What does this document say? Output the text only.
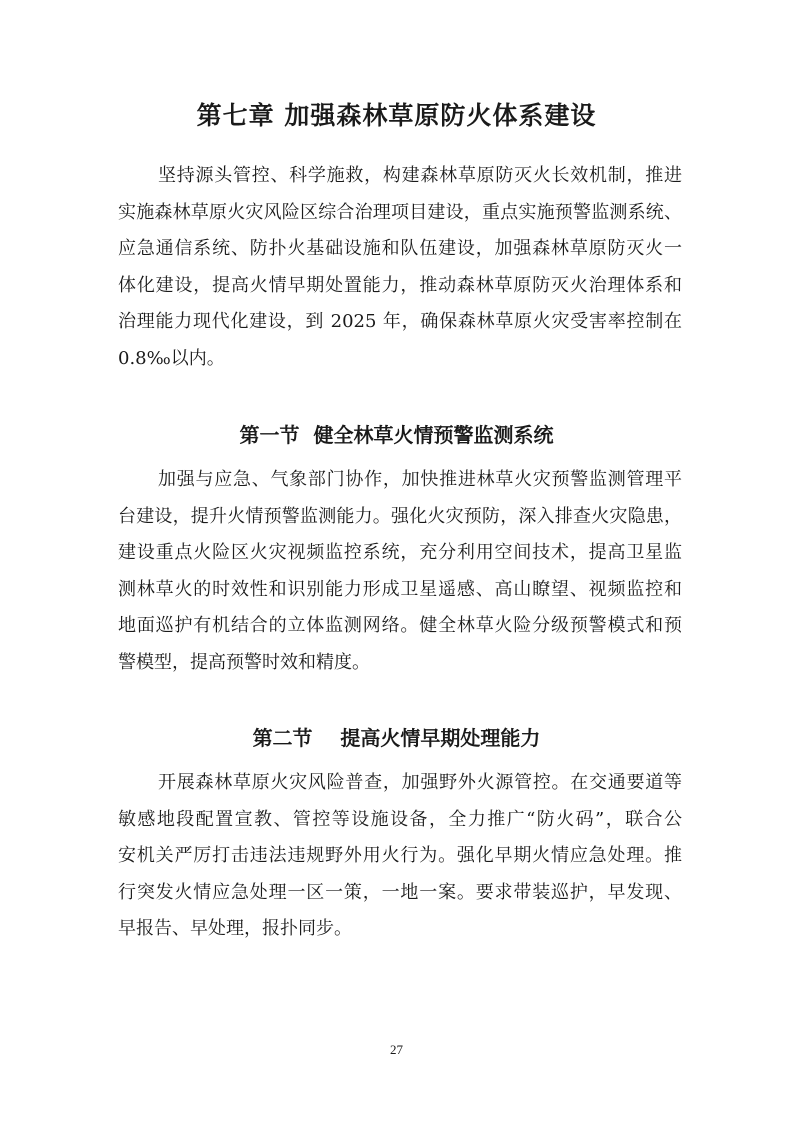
第七章 加强森林草原防火体系建设
坚持源头管控、科学施救，构建森林草原防灭火长效机制，推进
实施森林草原火灾风险区综合治理项目建设，重点实施预警监测系统、
应急通信系统、防扑火基础设施和队伍建设，加强森林草原防灭火一
体化建设，提高火情早期处置能力，推动森林草原防灭火治理体系和
治理能力现代化建设，到 2025 年，确保森林草原火灾受害率控制在
0.8‰以内。
第一节  健全林草火情预警监测系统
加强与应急、气象部门协作，加快推进林草火灾预警监测管理平
台建设，提升火情预警监测能力。强化火灾预防，深入排查火灾隐患，
建设重点火险区火灾视频监控系统，充分利用空间技术，提高卫星监
测林草火的时效性和识别能力形成卫星遥感、高山瞭望、视频监控和
地面巡护有机结合的立体监测网络。健全林草火险分级预警模式和预
警模型，提高预警时效和精度。
第二节    提高火情早期处理能力
开展森林草原火灾风险普查，加强野外火源管控。在交通要道等
敏感地段配置宣教、管控等设施设备，全力推广“防火码”，联合公
安机关严厉打击违法违规野外用火行为。强化早期火情应急处理。推
行突发火情应急处理一区一策，一地一案。要求带装巡护，早发现、
早报告、早处理，报扑同步。
27
